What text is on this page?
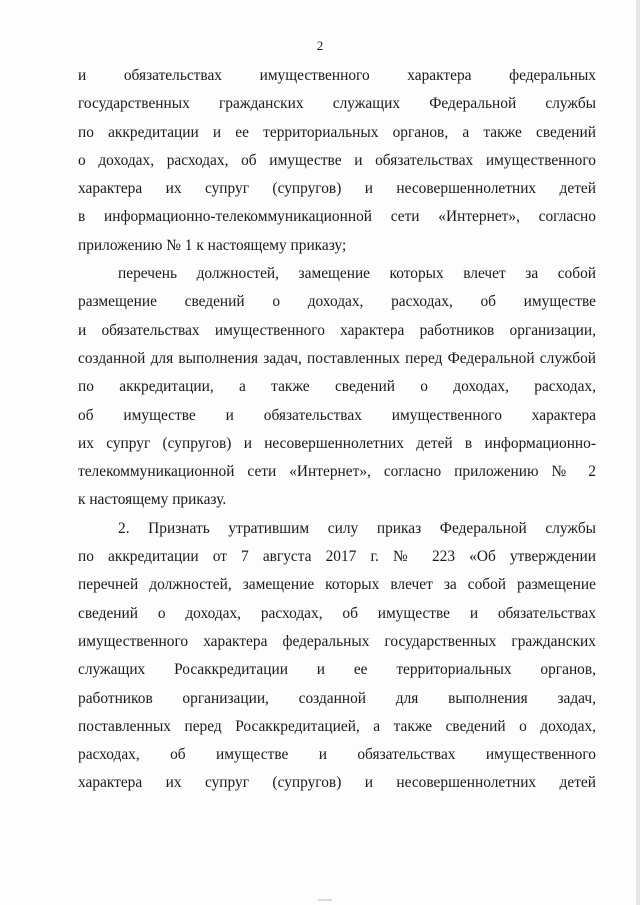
2
и обязательствах имущественного характера федеральных
государственных гражданских служащих Федеральной службы
по аккредитации и ее территориальных органов, а также сведений
о доходах, расходах, об имуществе и обязательствах имущественного
характера их супруг (супругов) и несовершеннолетних детей
в информационно-телекоммуникационной сети «Интернет», согласно
приложению № 1 к настоящему приказу;
перечень должностей, замещение которых влечет за собой
размещение сведений о доходах, расходах, об имуществе
и обязательствах имущественного характера работников организации,
созданной для выполнения задач, поставленных перед Федеральной службой
по аккредитации, а также сведений о доходах, расходах,
об имуществе и обязательствах имущественного характера
их супруг (супругов) и несовершеннолетних детей в информационно-
телекоммуникационной сети «Интернет», согласно приложению № 2
к настоящему приказу.
2. Признать утратившим силу приказ Федеральной службы
по аккредитации от 7 августа 2017 г. № 223 «Об утверждении
перечней должностей, замещение которых влечет за собой размещение
сведений о доходах, расходах, об имуществе и обязательствах
имущественного характера федеральных государственных гражданских
служащих Росаккредитации и ее территориальных органов,
работников организации, созданной для выполнения задач,
поставленных перед Росаккредитацией, а также сведений о доходах,
расходах, об имуществе и обязательствах имущественного
характера их супруг (супругов) и несовершеннолетних детей
